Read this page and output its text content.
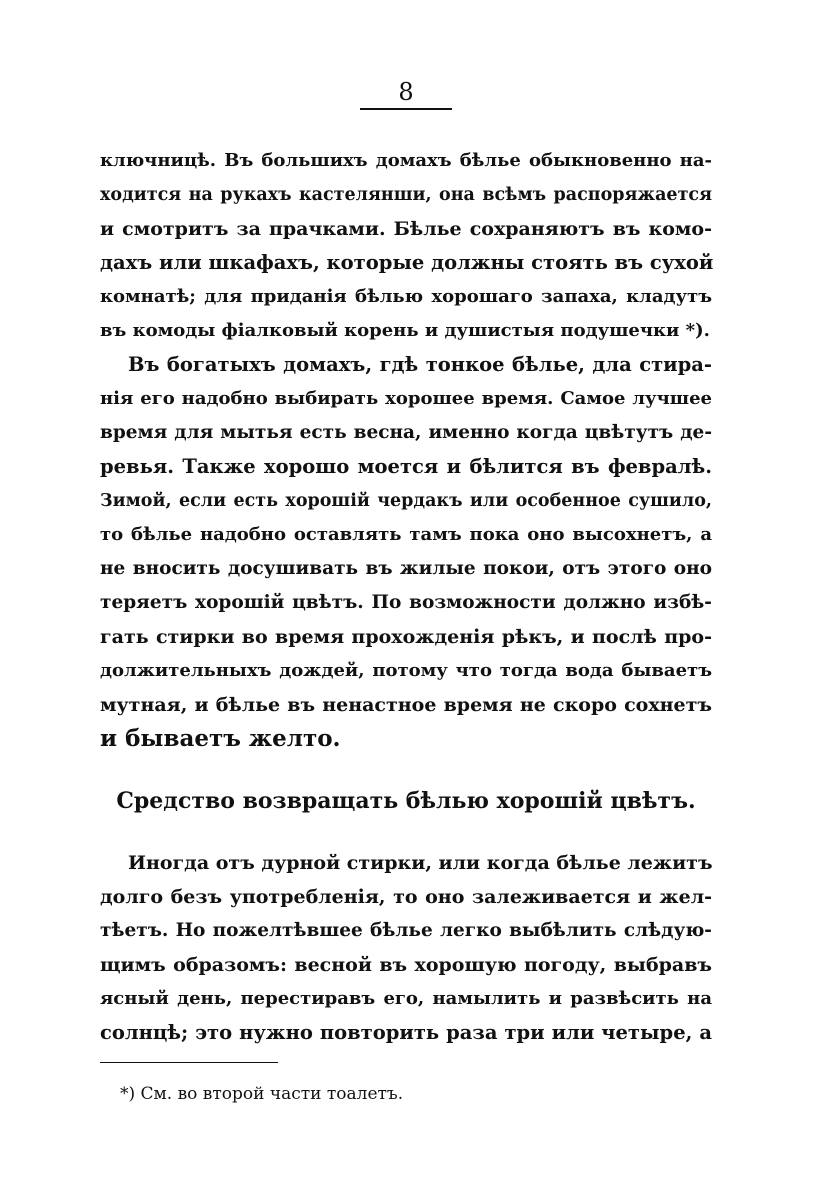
8
ключницѣ. Въ большихъ домахъ бѣлье обыкновенно на-
ходится на рукахъ кастелянши, она всѣмъ распоряжается
и смотритъ за прачками. Бѣлье сохраняютъ въ комо-
дахъ или шкафахъ, которые должны стоять въ сухой
комнатѣ; для приданія бѣлью хорошаго запаха, кладутъ
въ комоды фіалковый корень и душистыя подушечки *).
Въ богатыхъ домахъ, гдѣ тонкое бѣлье, дла стира-
нія его надобно выбирать хорошее время. Самое лучшее
время для мытья есть весна, именно когда цвѣтутъ де-
ревья. Также хорошо моется и бѣлится въ февралѣ.
Зимой, если есть хорошій чердакъ или особенное сушило,
то бѣлье надобно оставлять тамъ пока оно высохнетъ, а
не вносить досушивать въ жилые покои, отъ этого оно
теряетъ хорошій цвѣтъ. По возможности должно избѣ-
гать стирки во время прохожденія рѣкъ, и послѣ про-
должительныхъ дождей, потому что тогда вода бываетъ
мутная, и бѣлье въ ненастное время не скоро сохнетъ
и бываетъ желто.
Средство возвращать бѣлью хорошій цвѣтъ.
Иногда отъ дурной стирки, или когда бѣлье лежитъ
долго безъ употребленія, то оно залеживается и жел-
тѣетъ. Но пожелтѣвшее бѣлье легко выбѣлить слѣдую-
щимъ образомъ: весной въ хорошую погоду, выбравъ
ясный день, перестиравъ его, намылить и развѣсить на
солнцѣ; это нужно повторить раза три или четыре, а
*) См. во второй части тоалетъ.
